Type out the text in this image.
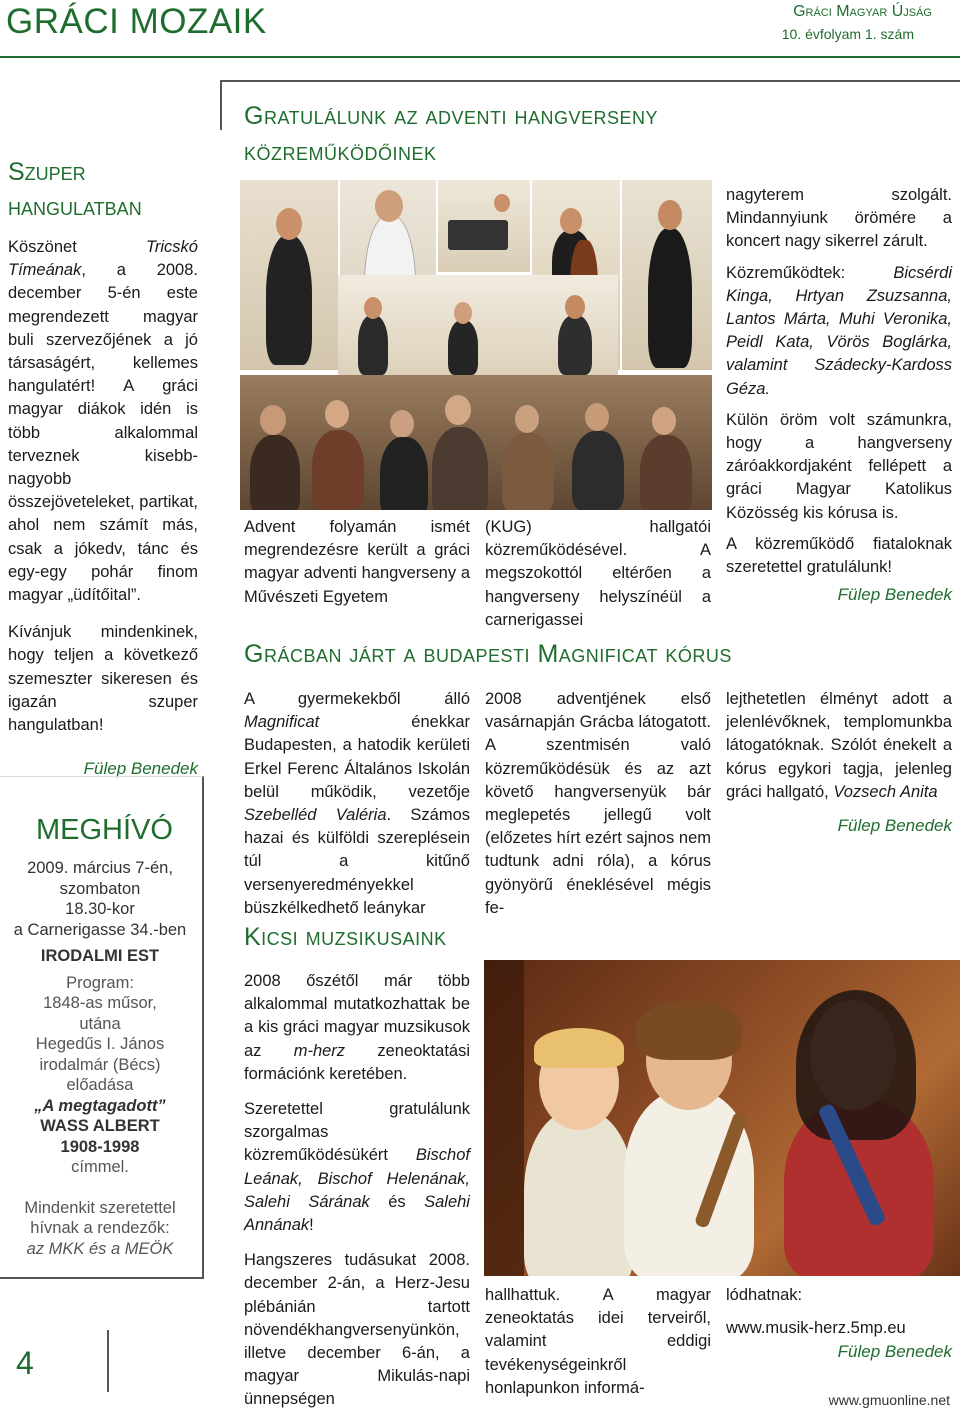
GRÁCI MOZAIK	Gráci Magyar Újság
10. évfolyam 1. szám
Szuper
hangulatban

Köszönet Tricskó Tímeának, a 2008. december 5-én este megrendezett magyar buli szervezőjének a jó társaságért, kellemes hangulatért! A gráci magyar diákok idén is több alkalommal terveznek kisebb-nagyobb összejöveteleket, partikat, ahol nem számít más, csak a jókedv, tánc és egy-egy pohár finom magyar „üdítőital”.

Kívánjuk mindenkinek, hogy teljen a következő szemeszter sikeresen és igazán szuper hangulatban!

Fülep Benedek

MEGHÍVÓ
2009. március 7-én,
szombaton
18.30-kor
a Carnerigasse 34.-ben
IRODALMI EST
Program:
1848-as műsor,
utána
Hegedűs I. János
irodalmár (Bécs)
előadása
„A megtagadott”
WASS ALBERT
1908-1998
címmel.
Mindenkit szeretettel
hívnak a rendezők:
az MKK és a MEÖK
4
Gratulálunk az adventi hangverseny
közreműködőinek
Advent folyamán ismét megrendezésre került a gráci magyar adventi hangverseny a Művészeti Egyetem
(KUG) hallgatói közreműködésével. A megszokottól eltérően a hangverseny helyszínéül a carnerigassei

nagyterem szolgált. Mindannyiunk örömére a koncert nagy sikerrel zárult.

Közreműködtek: Bicsérdi Kinga, Hrtyan Zsuzsanna, Lantos Márta, Muhi Veronika, Peidl Kata, Vörös Boglárka, valamint Szádecky-Kardoss Géza.

Külön öröm volt számunkra, hogy a hangverseny záróakkordjaként fellépett a gráci Magyar Katolikus Közösség kis kórusa is.

A közreműködő fiataloknak szeretettel gratulálunk!

Fülep Benedek

Grácban járt a budapesti Magnificat kórus
A gyermekekből álló Magnificat énekkar Budapesten, a hatodik kerületi Erkel Ferenc Általános Iskolán belül működik, vezetője Szebelléd Valéria. Számos hazai és külföldi szereplésein túl a kitűnő versenyeredményekkel büszkélkedhető leánykar
2008 adventjének első vasárnapján Grácba látogatott. A szentmisén való közreműködésük és az azt követő hangversenyük bár meglepetés jellegű volt (előzetes hírt ezért sajnos nem tudtunk adni róla), a kórus gyönyörű éneklésével mégis fe-
lejthetetlen élményt adott a jelenlévőknek, templomunkba látogatóknak. Szólót énekelt a kórus egykori tagja, jelenleg gráci hallgató, Vozsech Anita

Fülep Benedek

Kicsi muzsikusaink

2008 őszétől már több alkalommal mutatkozhattak be a kis gráci magyar muzsikusok az m-herz zeneoktatási formációnk keretében.

Szeretettel gratulálunk szorgalmas közreműködésükért Bischof Leának, Bischof Helenának, Salehi Sárának és Salehi Annának!

Hangszeres tudásukat 2008. december 2-án, a Herz-Jesu plébánián tartott növendékhangversenyünkön, illetve december 6-án, a magyar Mikulás-napi ünnepségen

hallhattuk. A magyar zeneoktatás idei terveiről, valamint eddigi tevékenységeinkről honlapunkon informá-

lódhatnak:

www.musik-herz.5mp.eu

Fülep Benedek

www.gmuonline.net
